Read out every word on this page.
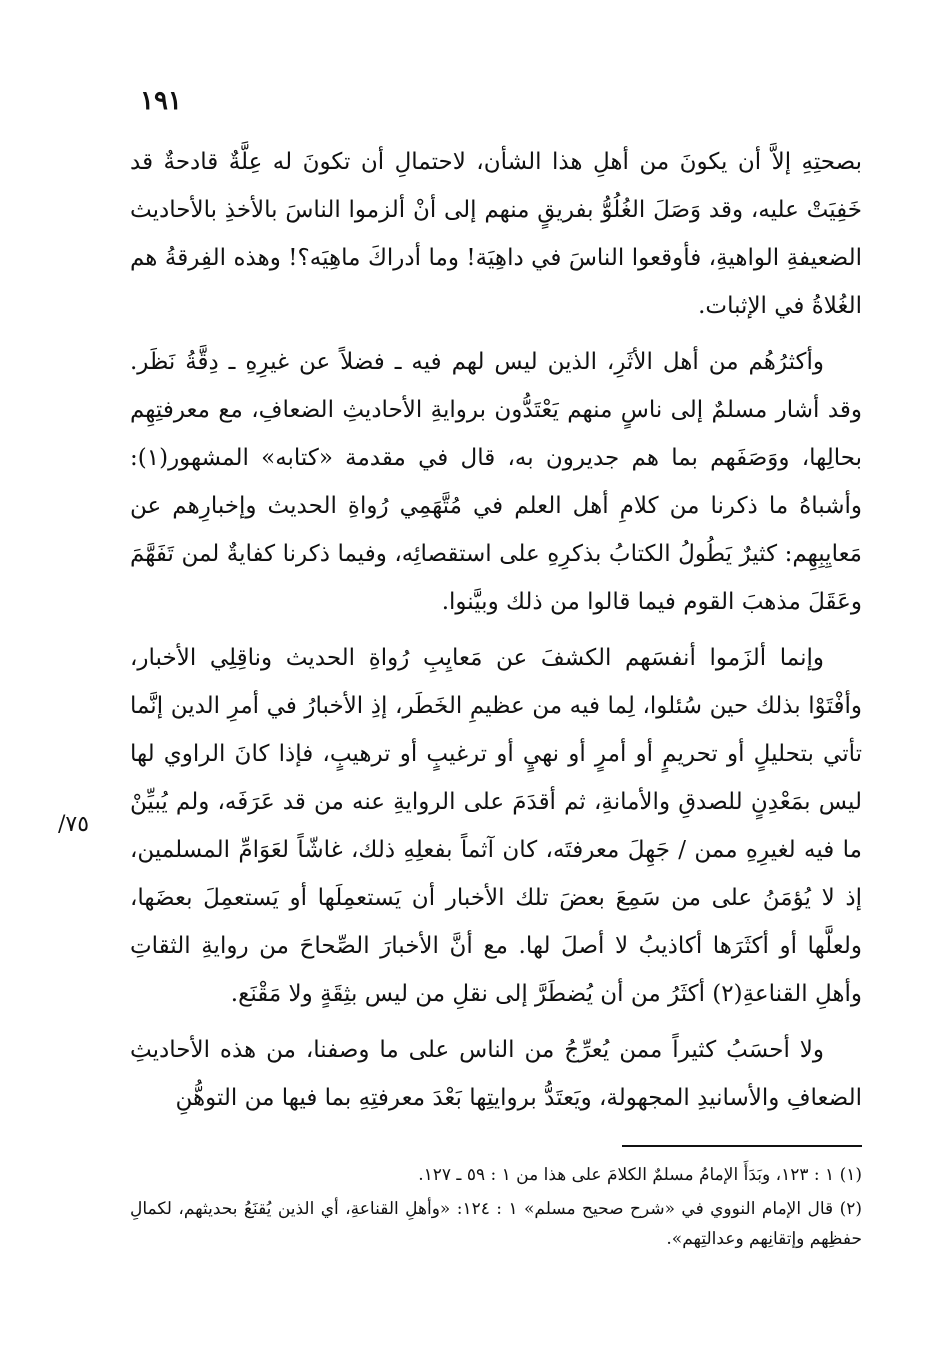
١٩١

بصحتِهِ إلاَّ أن يكونَ من أهلِ هذا الشأن، لاحتمالِ أن تكونَ له عِلَّةٌ قادحةٌ قد خَفِيَتْ عليه، وقد وَصَلَ الغُلُوُّ بفريقٍ منهم إلى أنْ ألزموا الناسَ بالأخذِ بالأحاديث الضعيفةِ الواهيةِ، فأوقعوا الناسَ في داهِيَة! وما أدراكَ ماهِيَه؟! وهذه الفِرقةُ هم الغُلاةُ في الإثبات.

وأكثرُهُم من أهل الأثَرِ، الذين ليس لهم فيه ـ فضلاً عن غيرِهِ ـ دِقَّةُ نَظَر. وقد أشار مسلمٌ إلى ناسٍ منهم يَعْتَدُّون بروايةِ الأحاديثِ الضعافِ، مع معرفتِهِم بحالِها، ووَصَفَهم بما هم جديرون به، قال في مقدمة «كتابه» المشهور(١): وأشباهُ ما ذكرنا من كلامِ أهل العلم في مُتَّهَمِي رُواةِ الحديث وإخبارِهم عن مَعايِبِهِم: كثيرٌ يَطُولُ الكتابُ بذكرِهِ على استقصائِه، وفيما ذكرنا كفايةٌ لمن تَفَهَّمَ وعَقَلَ مذهبَ القوم فيما قالوا من ذلك وبيَّنوا.

وإنما ألزَموا أنفسَهم الكشفَ عن مَعايِبِ رُواةِ الحديث وناقِلِي الأخبار، وأفْتَوْا بذلك حين سُئلوا، لِما فيه من عظيمِ الخَطَر، إذِ الأخبارُ في أمرِ الدين إنَّما تأتي بتحليلٍ أو تحريمٍ أو أمرٍ أو نهيٍ أو ترغيبٍ أو ترهيبٍ، فإذا كانَ الراوي لها ليس بمَعْدِنٍ للصدقِ والأمانةِ، ثم أقدَمَ على الروايةِ عنه من قد عَرَفَه، ولم يُبيِّنْ ما فيه لغيرِهِ ممن / جَهِلَ معرفتَه، كان آثماً بفعلِهِ ذلك، غاشّاً لعَوَامِّ المسلمين، إذ لا يُؤمَنُ على من سَمِعَ بعضَ تلك الأخبار أن يَستعمِلَها أو يَستعمِلَ بعضَها، ولعلَّها أو أكثَرَها أكاذيبُ لا أصلَ لها. مع أنَّ الأخبارَ الصِّحاحَ من روايةِ الثقاتِ وأهلِ القناعةِ(٢) أكثَرُ من أن يُضطَرَّ إلى نقلِ من ليس بثِقَةٍ ولا مَقْنَع.

ولا أحسَبُ كثيراً ممن يُعرِّجُ من الناس على ما وصفنا، من هذه الأحاديثِ الضعافِ والأسانيدِ المجهولة، ويَعتَدُّ بروايتِها بَعْدَ معرفتِهِ بما فيها من التوهُّنِ

٧٥/

(١) ١ : ١٢٣، وبَدَأَ الإمامُ مسلمٌ الكلامَ على هذا من ١ : ٥٩ ـ ١٢٧.

(٢) قال الإمام النووي في «شرح صحيح مسلم» ١ : ١٢٤: «وأهلِ القناعةِ، أي الذين يُقنَعُ بحديثهم، لكمالِ حفظِهم وإتقانِهم وعدالتِهم».
